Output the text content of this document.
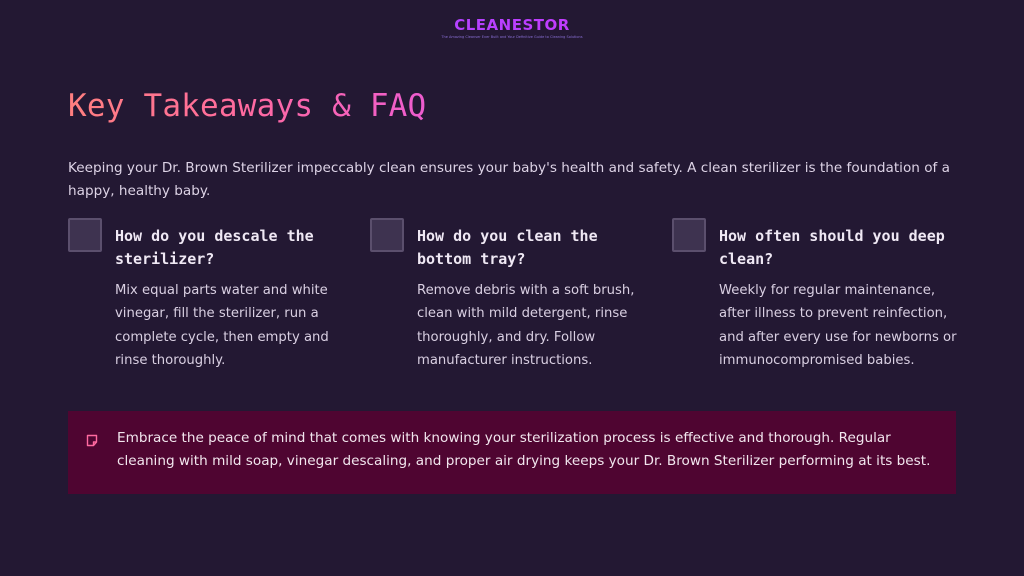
CLEANESTOR
The Amazing Cleanser Ever Built and Your Definitive Guide to Cleaning Solutions
Key Takeaways & FAQ

Keeping your Dr. Brown Sterilizer impeccably clean ensures your baby's health and safety. A clean sterilizer is the foundation of a happy, healthy baby.

How do you descale the sterilizer?
Mix equal parts water and white vinegar, fill the sterilizer, run a complete cycle, then empty and rinse thoroughly.
How do you clean the bottom tray?
Remove debris with a soft brush, clean with mild detergent, rinse thoroughly, and dry. Follow manufacturer instructions.
How often should you deep clean?
Weekly for regular maintenance, after illness to prevent reinfection, and after every use for newborns or immunocompromised babies.

Embrace the peace of mind that comes with knowing your sterilization process is effective and thorough. Regular cleaning with mild soap, vinegar descaling, and proper air drying keeps your Dr. Brown Sterilizer performing at its best.
